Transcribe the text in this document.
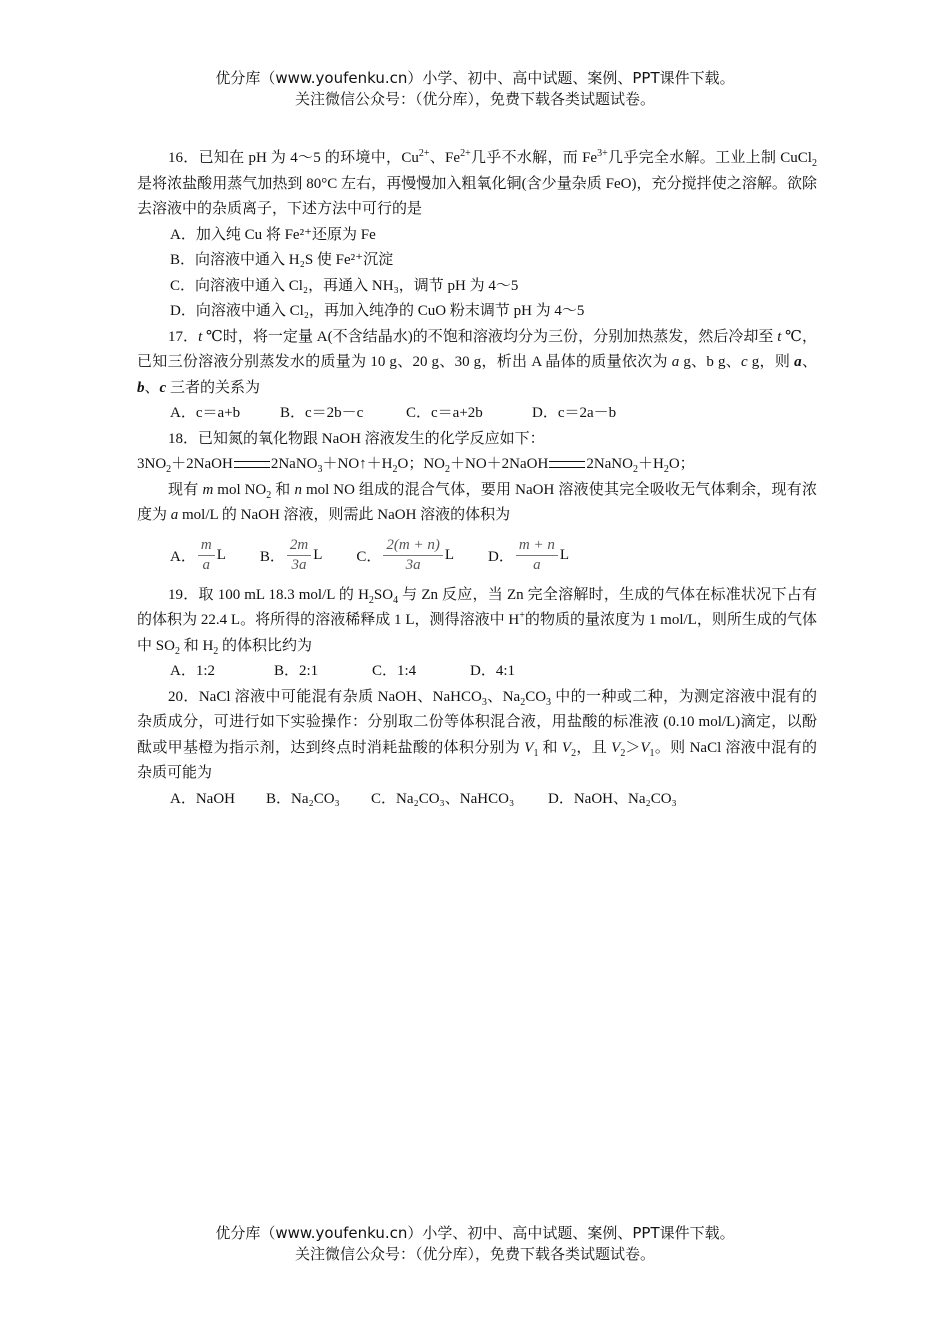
优分库（www.youfenku.cn）小学、初中、高中试题、案例、PPT课件下载。
关注微信公众号：（优分库），免费下载各类试题试卷。

16．已知在 pH 为 4～5 的环境中，$Cu^{2+}$、$Fe^{2+}$几乎不水解，而 $Fe^{3+}$几乎完全水解。工业上制 CuCl$_2$ 是将浓盐酸用蒸气加热到 80°C 左右，再慢慢加入粗氧化铜(含少量杂质 FeO)，充分搅拌使之溶解。欲除去溶液中的杂质离子，下述方法中可行的是

A．加入纯 Cu 将 Fe²⁺还原为 Fe
B．向溶液中通入 H₂S 使 Fe²⁺沉淀
C．向溶液中通入 Cl₂，再通入 NH₃，调节 pH 为 4～5
D．向溶液中通入 Cl₂，再加入纯净的 CuO 粉末调节 pH 为 4～5

17．t ℃时，将一定量 A(不含结晶水)的不饱和溶液均分为三份，分别加热蒸发，然后冷却至 t ℃，已知三份溶液分别蒸发水的质量为 10 g、20 g、30 g，析出 A 晶体的质量依次为 a g、b g、c g，则 a、b、c 三者的关系为

A．c＝a+b	B．c＝2b－c	C．c＝a+2b	D．c＝2a－b

18．已知氮的氧化物跟 NaOH 溶液发生的化学反应如下：

$3NO_2+2NaOH$	$2NaNO_3+NO↑+H_2O$；$NO_2+NO+2NaOH$	$2NaNO_2+H_2O$；

现有 m mol $NO_2$ 和 n mol NO 组成的混合气体，要用 NaOH 溶液使其完全吸收无气体剩余，现有浓度为 a mol/L 的 NaOH 溶液，则需此 NaOH 溶液的体积为

A． $\frac{m}{a}$ L B． $\frac{2m}{3a}$ L C． $\frac{2(m + n)}{3a}$ L D． $\frac{m + n}{a}$ L

19．取 100 mL 18.3 mol/L 的 $H_2SO_4$ 与 Zn 反应，当 Zn 完全溶解时，生成的气体在标准状况下占有的体积为 22.4 L。将所得的溶液稀释成 1 L，测得溶液中 H+的物质的量浓度为 1 mol/L，则所生成的气体中 $SO_2$ 和 $H_2$ 的体积比约为

A．1:2	B．2:1	C．1:4	D．4:1

20．NaCl 溶液中可能混有杂质 NaOH、NaHCO$_3$、$Na_2CO_3$ 中的一种或二种，为测定溶液中混有的杂质成分，可进行如下实验操作：分别取二份等体积混合液，用盐酸的标准液 (0.10 mol/L)滴定，以酚酞或甲基橙为指示剂，达到终点时消耗盐酸的体积分别为 $V_1$ 和 $V_2$，且 $V_2>V_1$。则 NaCl 溶液中混有的杂质可能为

A．NaOH B．Na₂CO₃ C．Na₂CO₃、NaHCO₃ D．NaOH、Na₂CO₃
优分库（www.youfenku.cn）小学、初中、高中试题、案例、PPT课件下载。
关注微信公众号：（优分库），免费下载各类试题试卷。
